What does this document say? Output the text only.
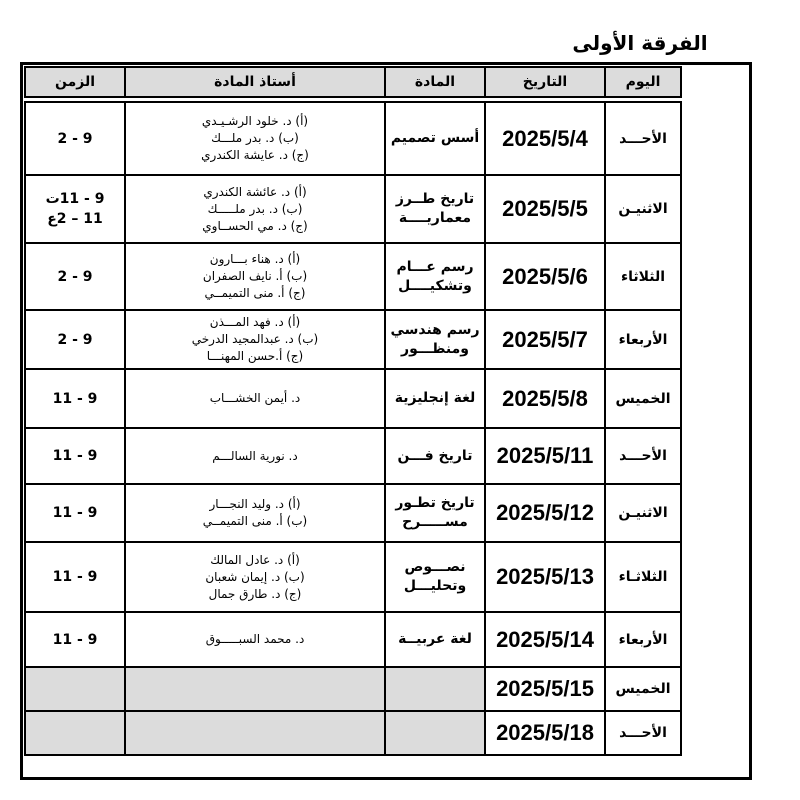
الفرقة الأولى
اليوم	التاريخ	المادة	أستاذ المادة	الزمن

الأحـــد	2025/5/4	أسس تصميم	(أ) د. خلود الرشـيـدي
(ب) د. بدر ملـــك
(ج) د. عايشة الكندري	9 - 2

الاثنيـن	2025/5/5	تاريخ طــرز
معماريــــة	(أ) د. عائشة الكندري
(ب) د. بدر ملـــــك
(ج) د. مي الحســاوي	9 - 11ت
11 – 2ع

الثلاثاء	2025/5/6	رسم عـــام
وتشكيــــل	(أ) د. هناء بـــارون
(ب) أ. نايف الصفران
(ج) أ. منى التميمــي	9 - 2

الأربعاء	2025/5/7	رسم هندسي
ومنظـــور	(أ) د. فهد المـــذن
(ب) د. عبدالمجيد الدرخي
(ج) أ.حسن المهنـــا	9 - 2

الخميس	2025/5/8	لغة إنجليزية	د. أيمن الخشـــاب	9 - 11

الأحـــد	2025/5/11	تاريخ فـــن	د. نورية السالـــم	9 - 11

الاثنيـن	2025/5/12	تاريخ تطـور
مســـــرح	(أ) د. وليد النجـــار
(ب) أ. منى التميمــي	9 - 11

الثلاثـاء	2025/5/13	نصـــوص
وتحليـــل	(أ) د. عادل المالك
(ب) د. إيمان شعبان
(ج) د. طارق جمال	9 - 11

الأربعاء	2025/5/14	لغة عربيــة	د. محمد السبـــــوق	9 - 11

الخميس	2025/5/15			
الأحـــد	2025/5/18			
